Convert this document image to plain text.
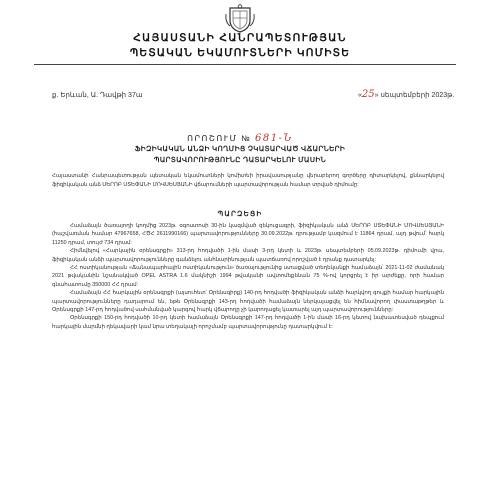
ՀԱՅԱՍՏԱՆԻ ՀԱՆՐԱՊԵՏՈՒԹՅԱՆ
ՊԵՏԱԿԱՆ ԵԿԱՄՈՒՏՆԵՐԻ ԿՈՄԻՏԵ
ք. Երևան, Ա. Դավթի 37ա	«25» սեպտեմբերի 2023թ.
ՈՐՈՇՈՒՄ № 681-Ն
ՖԻԶԻԿԱԿԱՆ ԱՆՁԻ ԿՈՂՄԻՑ ՉԿԱՏԱՐՎԱԾ ՎՃԱՐՆԵՐԻ
ՊԱՐՏԱՎՈՐՈՒԹՅՈՒՆԸ ԴԱՏԱՐԿԵԼՈՒ ՄԱՍԻՆ
Հայաստանի Հանրապետության պետական եկամուտների կոմիտեի իրավասությանը վերաբերող գործերը դիտարկելով, քննարկելով ֆիզիկական անձ ՍԵՐՈԲ ՍՏԵՓԱՆԻ ՄՈՎՍԵՍՅԱՆԻ վճարումների պարտավորության համար տրված դիմումը:
ՊԱՐԶԵՑԻ

Համաձայն ծառայողի կողմից 2023թ. օգոստոսի 30-ին կազմված զեկուցագրի, ֆիզիկական անձ ՍԵՐՈԲ ՍՏԵՓԱՆԻ ՄՈՎՍԵՍՅԱՆԻ (հաշվառման համար 47967658, ՀԾՀ 2611990166) պարտավորությունները 30.09.2022թ. դրությամբ կազմում է 11864 դրամ, այդ թվում՝ հարկ 11250 դրամ, տույժ 734 դրամ:

Հիմնվելով «Հարկային օրենսգրքի» 313-րդ հոդվածի 1-ին մասի 3-րդ կետի և 2023թ. սեպտեմբերի 05.09.2023թ. դիմումի վրա, ֆիզիկական անձի պարտավորությունները գանձելու անհնարինության պատճառով որոշված է դրանք դատարկել:

ՀՀ ոստիկանության «Ճանապարհային ոստիկանություն» ծառայությունից ստացված տեղեկանքի համաձայն՝ 2021-11-02 ժամանակ 2021 թվականին նշանակված OPEL ASTRA 1.6 մակնիշի 1994 թվականի ավտոմեքենան 75 %-ով կորցրել է իր արժեքը, որի համար գնահատումը 350000 ՀՀ դրամ:

Համաձայն ՀՀ հարկային օրենսգրքի (այսուհետ՝ Օրենսգիրք) 140-րդ հոդվածի ֆիզիկական անձի հարկվող գույքի համար հարկային պարտավորությունները դադարում են, եթե Օրենսգրքի 143-րդ հոդվածի համաձայն ներկայացվել են հիմնավորող փաստաթղթեր և Օրենսգրքի 147-րդ հոդվածով սահմանված կարգով հարկ վճարողը չի կարողացել կատարել այդ պարտավորությունները:

Օրենսգրքի 150-րդ հոդվածի 10-րդ կետի համաձայն Օրենսգրքի 147-րդ հոդվածի 1-ին մասի 16-րդ կետով նախատեսված դեպքում հարկային մարմնի ղեկավարի կամ նրա տեղակալի որոշմամբ պարտավորությունը դատարկվում է:
